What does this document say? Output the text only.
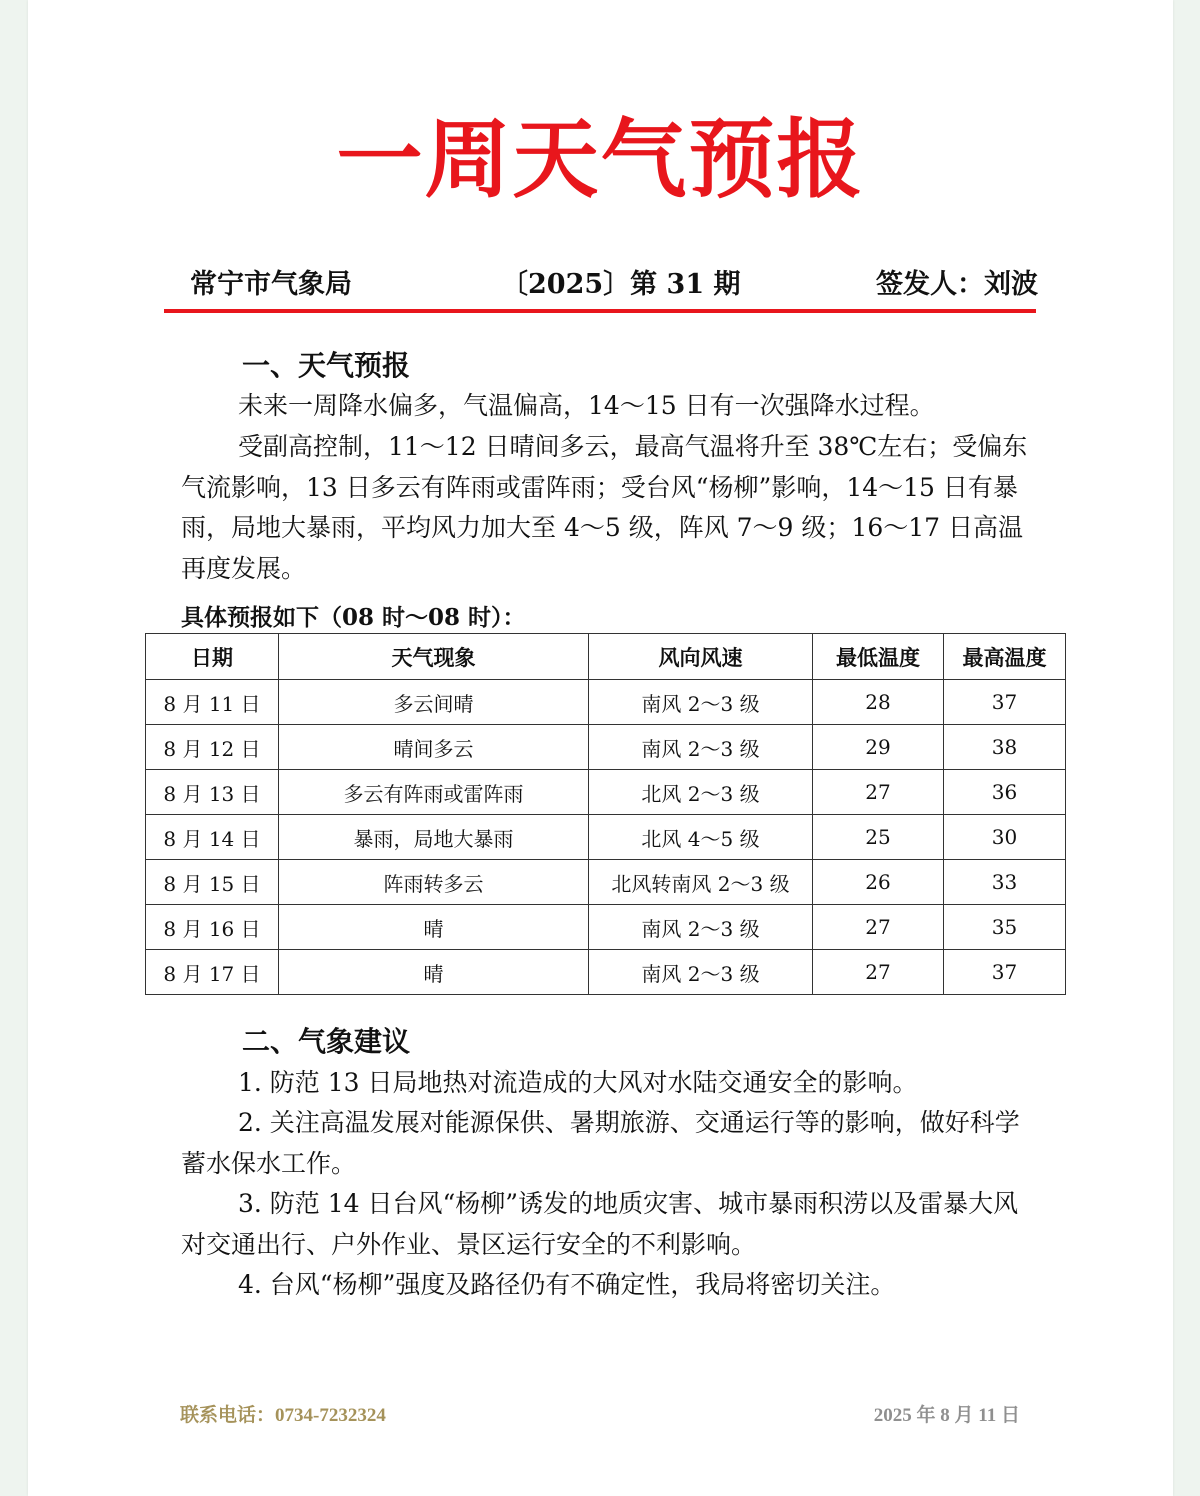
一周天气预报
常宁市气象局	〔2025〕第 31 期	签发人：刘波
一、天气预报

未来一周降水偏多，气温偏高，14～15 日有一次强降水过程。

受副高控制，11～12 日晴间多云，最高气温将升至 38℃左右；受偏东气流影响，13 日多云有阵雨或雷阵雨；受台风“杨柳”影响，14～15 日有暴雨，局地大暴雨，平均风力加大至 4～5 级，阵风 7～9 级；16～17 日高温再度发展。

具体预报如下（08 时～08 时）：
日期	天气现象	风向风速	最低温度	最高温度
8 月 11 日	多云间晴	南风 2～3 级	28	37
8 月 12 日	晴间多云	南风 2～3 级	29	38
8 月 13 日	多云有阵雨或雷阵雨	北风 2～3 级	27	36
8 月 14 日	暴雨，局地大暴雨	北风 4～5 级	25	30
8 月 15 日	阵雨转多云	北风转南风 2～3 级	26	33
8 月 16 日	晴	南风 2～3 级	27	35
8 月 17 日	晴	南风 2～3 级	27	37
二、气象建议

1. 防范 13 日局地热对流造成的大风对水陆交通安全的影响。

2. 关注高温发展对能源保供、暑期旅游、交通运行等的影响，做好科学蓄水保水工作。

3. 防范 14 日台风“杨柳”诱发的地质灾害、城市暴雨积涝以及雷暴大风对交通出行、户外作业、景区运行安全的不利影响。

4. 台风“杨柳”强度及路径仍有不确定性，我局将密切关注。

联系电话：0734-7232324	2025 年 8 月 11 日
